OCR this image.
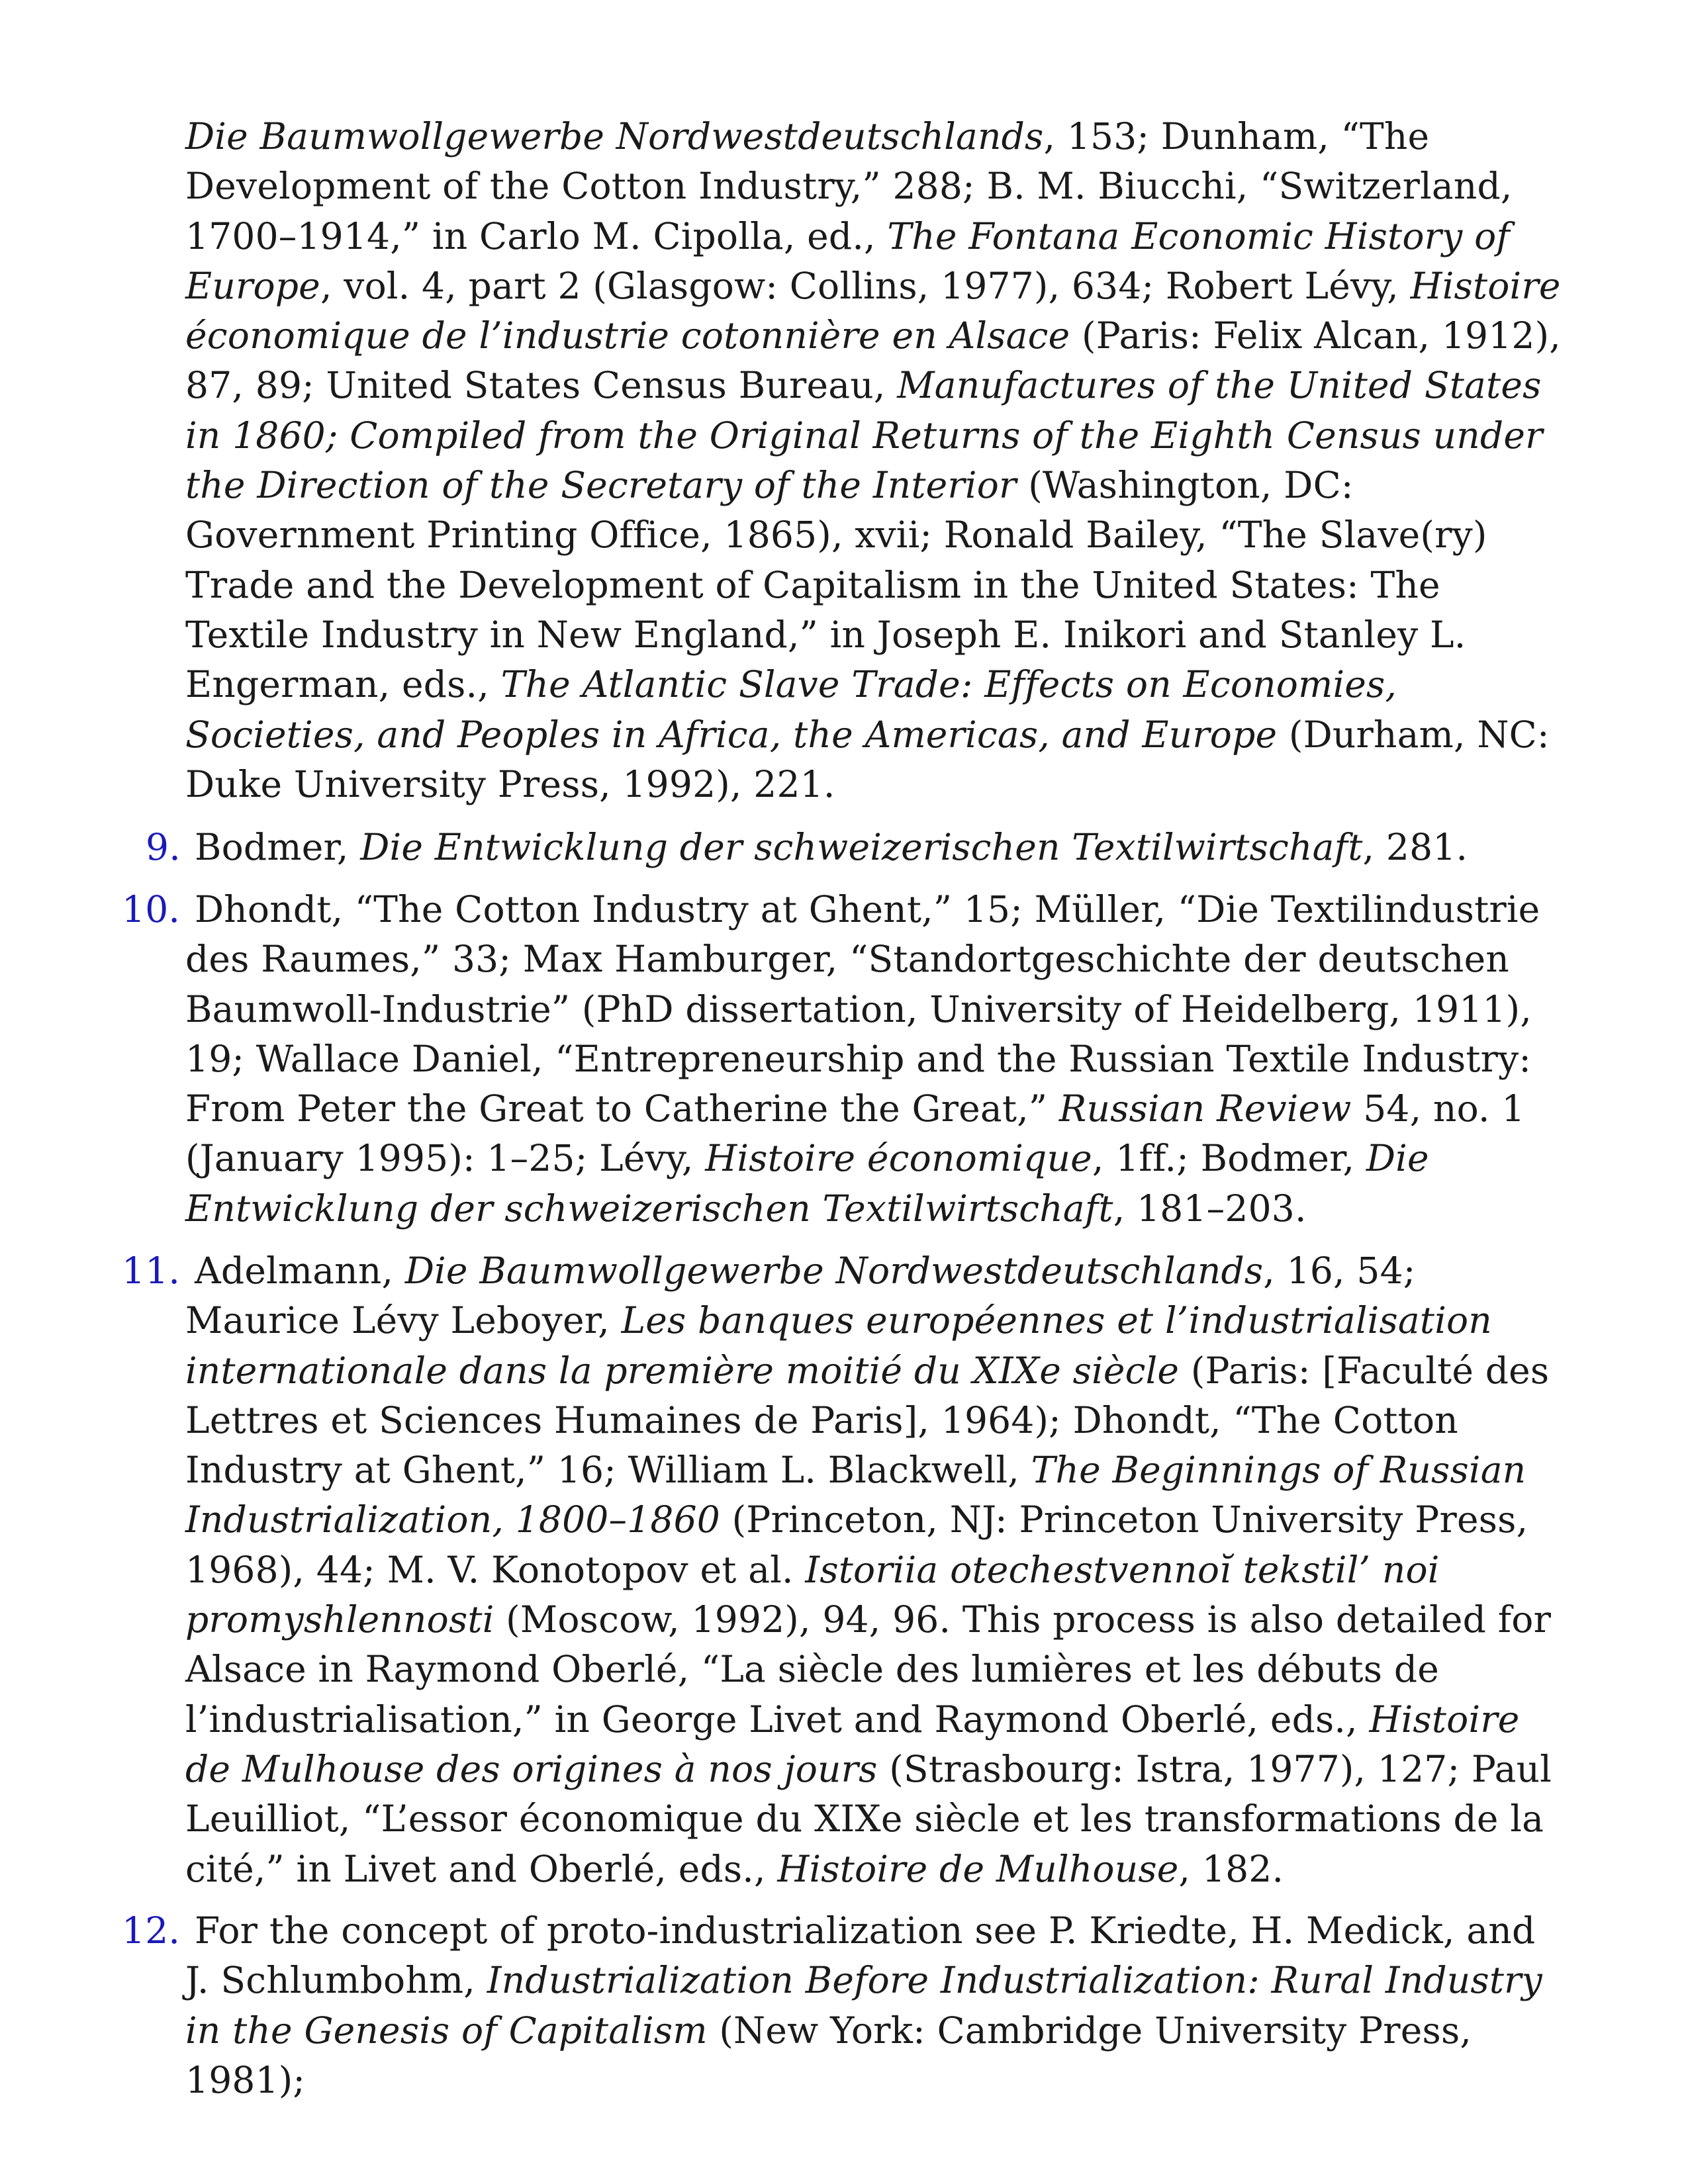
Die Baumwollgewerbe Nordwestdeutschlands, 153; Dunham, “The Development of the Cotton Industry,” 288; B. M. Biucchi, “Switzerland, 1700–1914,” in Carlo M. Cipolla, ed., The Fontana Economic History of Europe, vol. 4, part 2 (Glasgow: Collins, 1977), 634; Robert Lévy, Histoire économique de l’industrie cotonnière en Alsace (Paris: Felix Alcan, 1912), 87, 89; United States Census Bureau, Manufactures of the United States in 1860; Compiled from the Original Returns of the Eighth Census under the Direction of the Secretary of the Interior (Washington, DC: Government Printing Office, 1865), xvii; Ronald Bailey, “The Slave(ry) Trade and the Development of Capitalism in the United States: The Textile Industry in New England,” in Joseph E. Inikori and Stanley L. Engerman, eds., The Atlantic Slave Trade: Effects on Economies, Societies, and Peoples in Africa, the Americas, and Europe (Durham, NC: Duke University Press, 1992), 221.
9. Bodmer, Die Entwicklung der schweizerischen Textilwirtschaft, 281.
10. Dhondt, “The Cotton Industry at Ghent,” 15; Müller, “Die Textilindustrie des Raumes,” 33; Max Hamburger, “Standortgeschichte der deutschen Baumwoll-Industrie” (PhD dissertation, University of Heidelberg, 1911), 19; Wallace Daniel, “Entrepreneurship and the Russian Textile Industry: From Peter the Great to Catherine the Great,” Russian Review 54, no. 1 (January 1995): 1–25; Lévy, Histoire économique, 1ff.; Bodmer, Die Entwicklung der schweizerischen Textilwirtschaft, 181–203.
11. Adelmann, Die Baumwollgewerbe Nordwestdeutschlands, 16, 54; Maurice Lévy Leboyer, Les banques européennes et l’industrialisation internationale dans la première moitié du XIXe siècle (Paris: [Faculté des Lettres et Sciences Humaines de Paris], 1964); Dhondt, “The Cotton Industry at Ghent,” 16; William L. Blackwell, The Beginnings of Russian Industrialization, 1800–1860 (Princeton, NJ: Princeton University Press, 1968), 44; M. V. Konotopov et al. Istoriia otechestvennoĭ tekstil’ noi promyshlennosti (Moscow, 1992), 94, 96. This process is also detailed for Alsace in Raymond Oberlé, “La siècle des lumières et les débuts de l’industrialisation,” in George Livet and Raymond Oberlé, eds., Histoire de Mulhouse des origines à nos jours (Strasbourg: Istra, 1977), 127; Paul Leuilliot, “L’essor économique du XIXe siècle et les transformations de la cité,” in Livet and Oberlé, eds., Histoire de Mulhouse, 182.
12. For the concept of proto-industrialization see P. Kriedte, H. Medick, and J. Schlumbohm, Industrialization Before Industrialization: Rural Industry in the Genesis of Capitalism (New York: Cambridge University Press, 1981);
